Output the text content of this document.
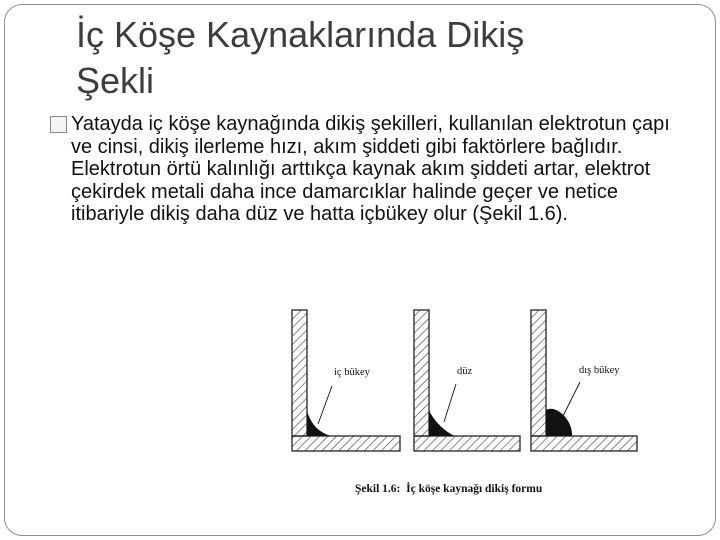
İç Köşe Kaynaklarında Dikiş
Şekli

Yatayda iç köşe kaynağında dikiş şekilleri, kullanılan elektrotun çapı ve cinsi, dikiş ilerleme hızı, akım şiddeti gibi faktörlere bağlıdır. Elektrotun örtü kalınlığı arttıkça kaynak akım şiddeti artar, elektrot çekirdek metali daha ince damarcıklar halinde geçer ve netice itibariyle dikiş daha düz ve hatta içbükey olur (Şekil 1.6).

iç bükey	düz	dış bükey
Şekil 1.6:  İç köşe kaynağı dikiş formu
